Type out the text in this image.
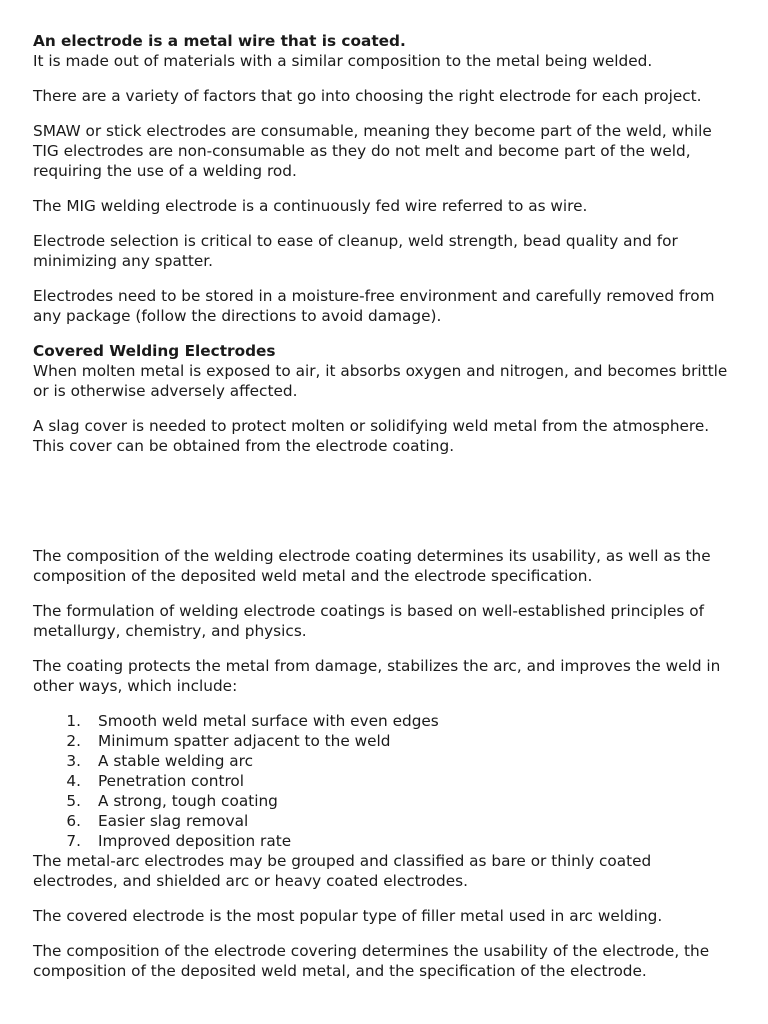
An electrode is a metal wire that is coated.

It is made out of materials with a similar composition to the metal being welded.

There are a variety of factors that go into choosing the right electrode for each project.

SMAW or stick electrodes are consumable, meaning they become part of the weld, while TIG electrodes are non-consumable as they do not melt and become part of the weld, requiring the use of a welding rod.

The MIG welding electrode is a continuously fed wire referred to as wire.

Electrode selection is critical to ease of cleanup, weld strength, bead quality and for minimizing any spatter.

Electrodes need to be stored in a moisture-free environment and carefully removed from any package (follow the directions to avoid damage).

Covered Welding Electrodes

When molten metal is exposed to air, it absorbs oxygen and nitrogen, and becomes brittle or is otherwise adversely affected.

A slag cover is needed to protect molten or solidifying weld metal from the atmosphere. This cover can be obtained from the electrode coating.

The composition of the welding electrode coating determines its usability, as well as the composition of the deposited weld metal and the electrode specification.

The formulation of welding electrode coatings is based on well-established principles of metallurgy, chemistry, and physics.

The coating protects the metal from damage, stabilizes the arc, and improves the weld in other ways, which include:

1. Smooth weld metal surface with even edges
2. Minimum spatter adjacent to the weld
3. A stable welding arc
4. Penetration control
5. A strong, tough coating
6. Easier slag removal
7. Improved deposition rate

The metal-arc electrodes may be grouped and classified as bare or thinly coated electrodes, and shielded arc or heavy coated electrodes.

The covered electrode is the most popular type of filler metal used in arc welding.

The composition of the electrode covering determines the usability of the electrode, the composition of the deposited weld metal, and the specification of the electrode.
